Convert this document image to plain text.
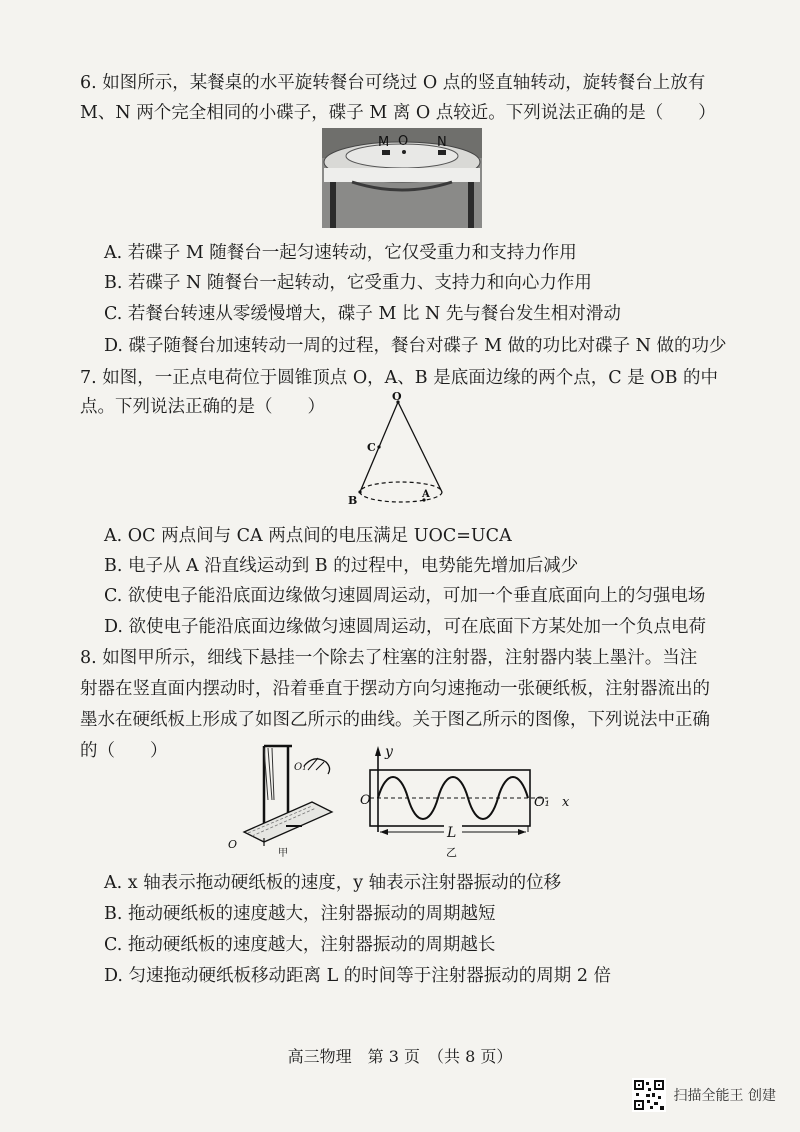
6. 如图所示，某餐桌的水平旋转餐台可绕过 O 点的竖直轴转动，旋转餐台上放有
M、N 两个完全相同的小碟子，碟子 M 离 O 点较近。下列说法正确的是（　　）
M O N
A. 若碟子 M 随餐台一起匀速转动，它仅受重力和支持力作用
B. 若碟子 N 随餐台一起转动，它受重力、支持力和向心力作用
C. 若餐台转速从零缓慢增大，碟子 M 比 N 先与餐台发生相对滑动
D. 碟子随餐台加速转动一周的过程，餐台对碟子 M 做的功比对碟子 N 做的功少
7. 如图，一正点电荷位于圆锥顶点 O，A、B 是底面边缘的两个点，C 是 OB 的中
点。下列说法正确的是（　　）
O
C
B	A
A. OC 两点间与 CA 两点间的电压满足 UOC=UCA
B. 电子从 A 沿直线运动到 B 的过程中，电势能先增加后减少
C. 欲使电子能沿底面边缘做匀速圆周运动，可加一个垂直底面向上的匀强电场
D. 欲使电子能沿底面边缘做匀速圆周运动，可在底面下方某处加一个负点电荷
8. 如图甲所示，细线下悬挂一个除去了柱塞的注射器，注射器内装上墨汁。当注
射器在竖直面内摆动时，沿着垂直于摆动方向匀速拖动一张硬纸板，注射器流出的
墨水在硬纸板上形成了如图乙所示的曲线。关于图乙所示的图像，下列说法中正确
的（　　）
O
O₁
甲
y
O	O₁ x
L
乙
A. x 轴表示拖动硬纸板的速度，y 轴表示注射器振动的位移
B. 拖动硬纸板的速度越大，注射器振动的周期越短
C. 拖动硬纸板的速度越大，注射器振动的周期越长
D. 匀速拖动硬纸板移动距离 L 的时间等于注射器振动的周期 2 倍
高三物理　第 3 页　（共 8 页）
扫描全能王 创建
